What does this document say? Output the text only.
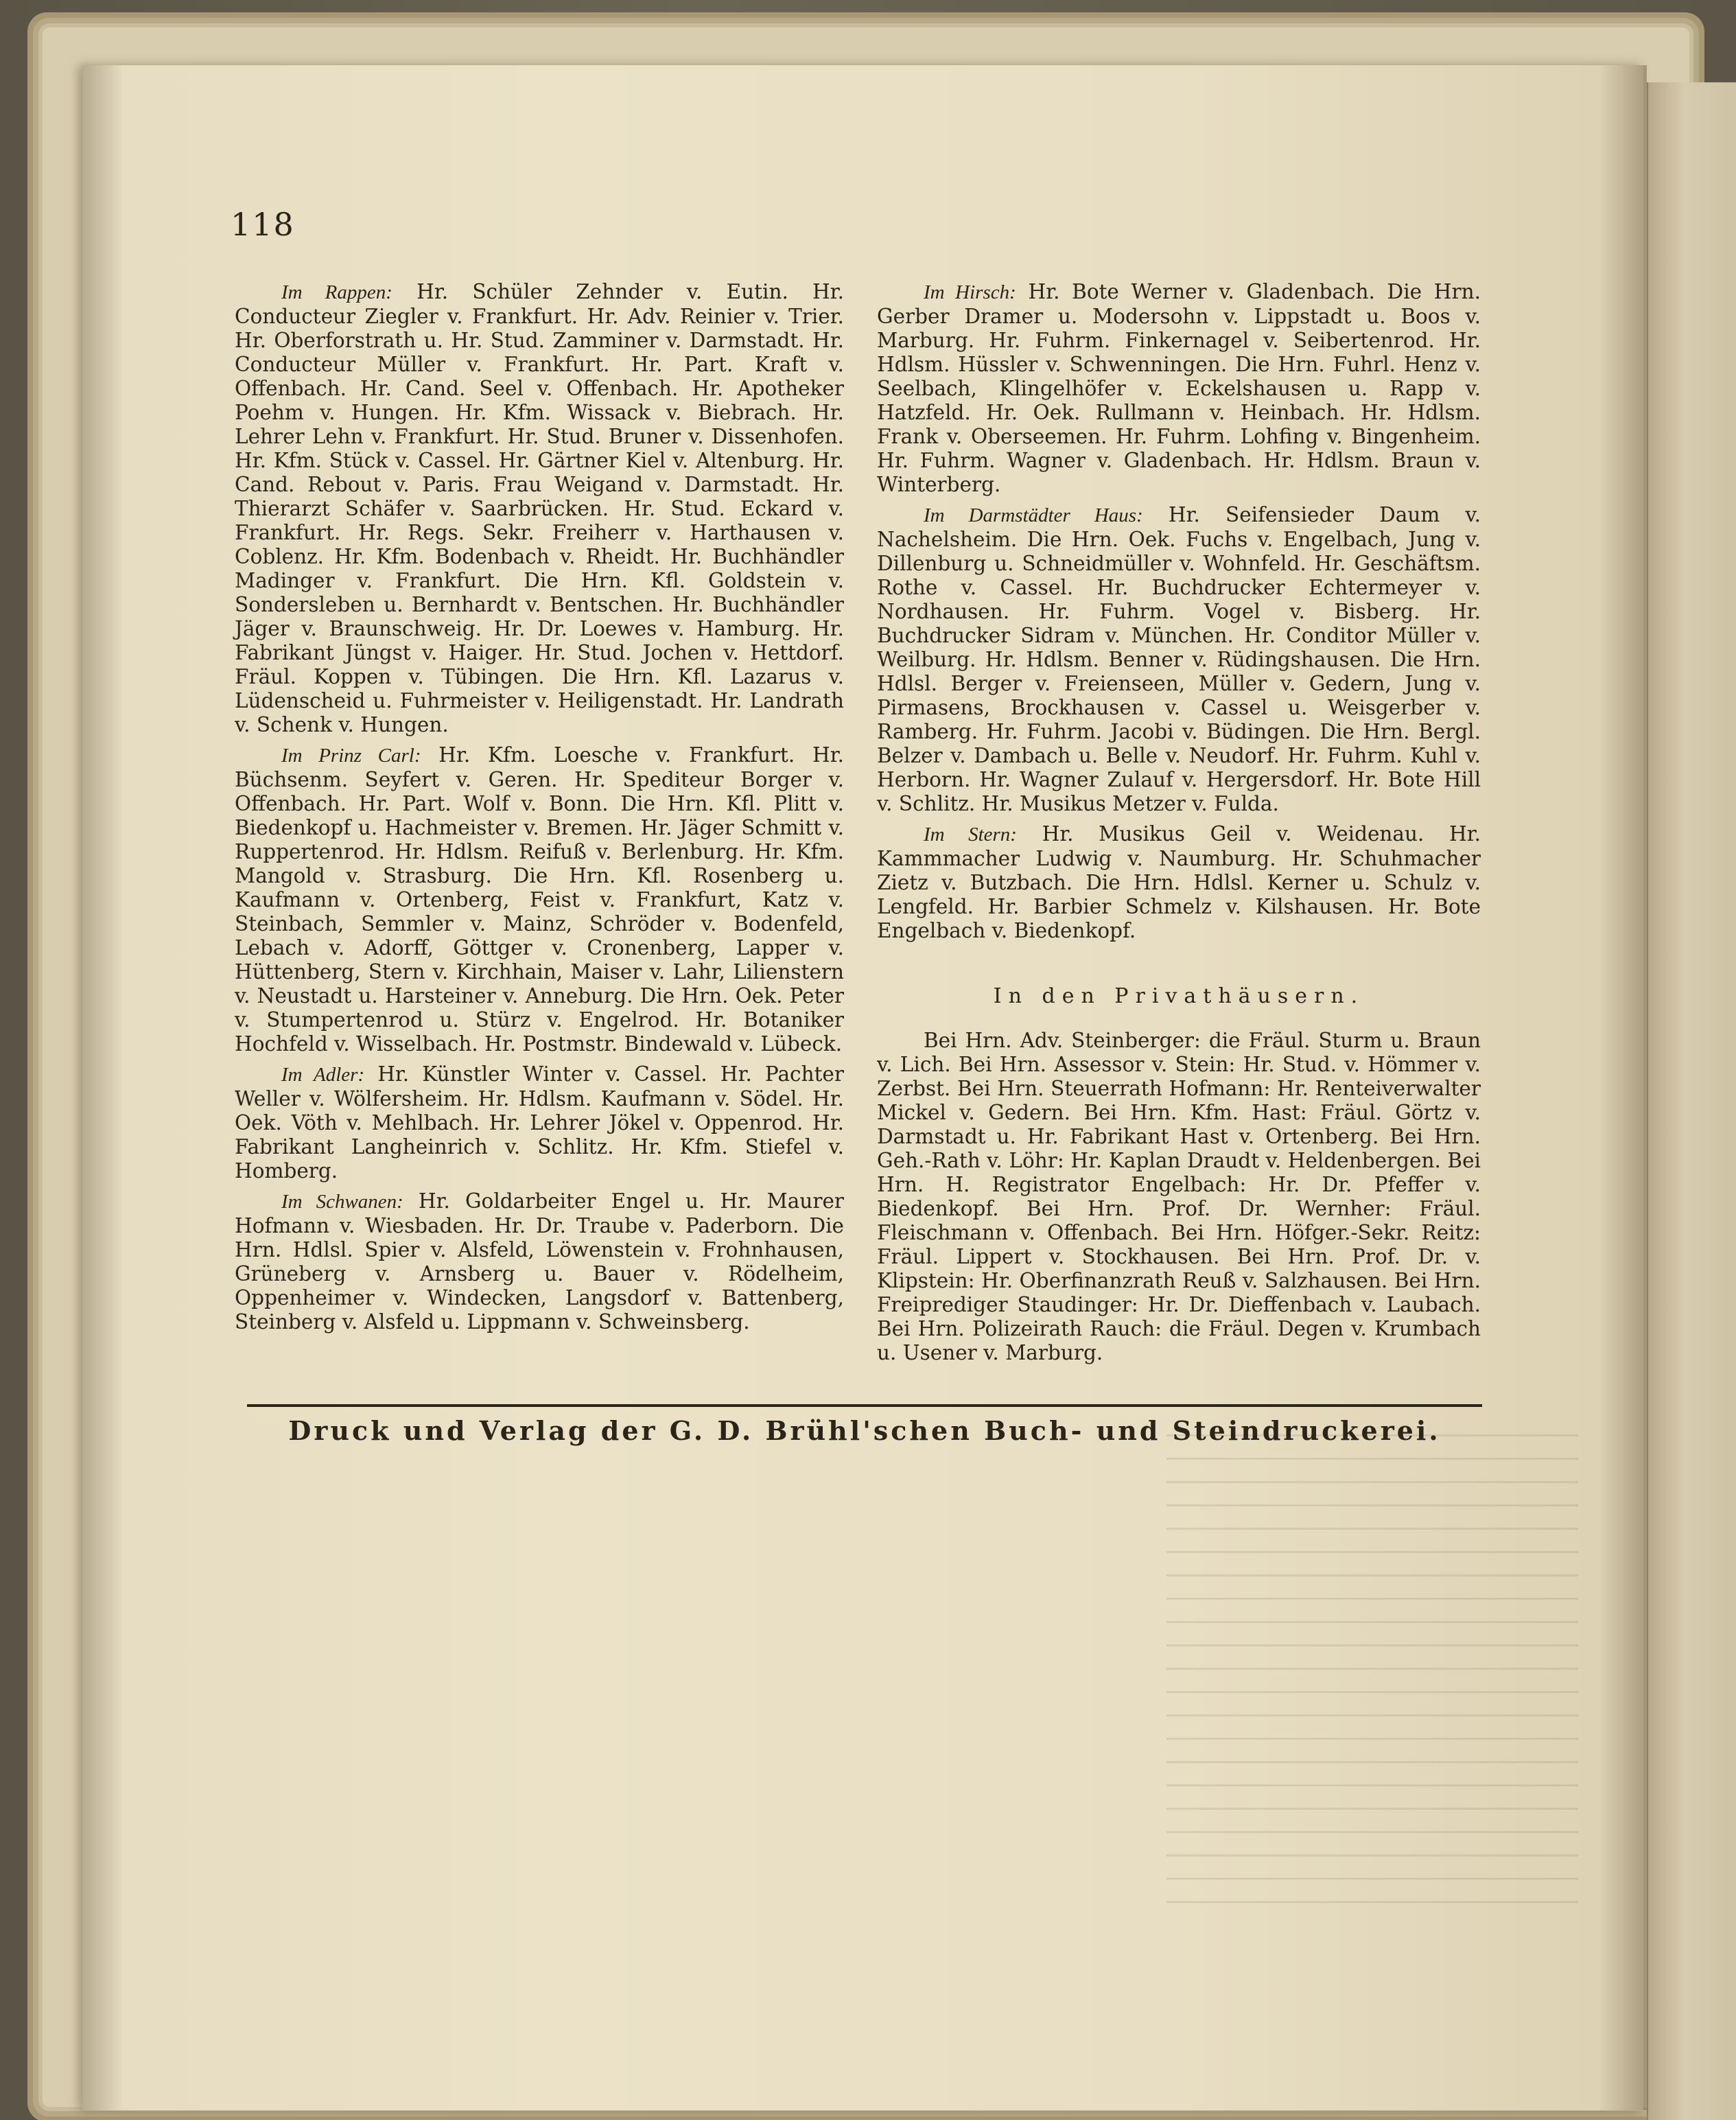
118

Im Rappen: Hr. Schüler Zehnder v. Eutin. Hr. Conducteur Ziegler v. Frankfurt. Hr. Adv. Reinier v. Trier. Hr. Oberforstrath u. Hr. Stud. Zamminer v. Darmstadt. Hr. Conducteur Müller v. Frankfurt. Hr. Part. Kraft v. Offenbach. Hr. Cand. Seel v. Offenbach. Hr. Apotheker Poehm v. Hungen. Hr. Kfm. Wissack v. Biebrach. Hr. Lehrer Lehn v. Frankfurt. Hr. Stud. Bruner v. Dissenhofen. Hr. Kfm. Stück v. Cassel. Hr. Gärtner Kiel v. Altenburg. Hr. Cand. Rebout v. Paris. Frau Weigand v. Darmstadt. Hr. Thierarzt Schäfer v. Saarbrücken. Hr. Stud. Eckard v. Frankfurt. Hr. Regs. Sekr. Freiherr v. Harthausen v. Coblenz. Hr. Kfm. Bodenbach v. Rheidt. Hr. Buchhändler Madinger v. Frankfurt. Die Hrn. Kfl. Goldstein v. Sondersleben u. Bernhardt v. Bentschen. Hr. Buchhändler Jäger v. Braunschweig. Hr. Dr. Loewes v. Hamburg. Hr. Fabrikant Jüngst v. Haiger. Hr. Stud. Jochen v. Hettdorf. Fräul. Koppen v. Tübingen. Die Hrn. Kfl. Lazarus v. Lüdenscheid u. Fuhrmeister v. Heiligenstadt. Hr. Landrath v. Schenk v. Hungen.

Im Prinz Carl: Hr. Kfm. Loesche v. Frankfurt. Hr. Büchsenm. Seyfert v. Geren. Hr. Spediteur Borger v. Offenbach. Hr. Part. Wolf v. Bonn. Die Hrn. Kfl. Plitt v. Biedenkopf u. Hachmeister v. Bremen. Hr. Jäger Schmitt v. Ruppertenrod. Hr. Hdlsm. Reifuß v. Berlenburg. Hr. Kfm. Mangold v. Strasburg. Die Hrn. Kfl. Rosenberg u. Kaufmann v. Ortenberg, Feist v. Frankfurt, Katz v. Steinbach, Semmler v. Mainz, Schröder v. Bodenfeld, Lebach v. Adorff, Göttger v. Cronenberg, Lapper v. Hüttenberg, Stern v. Kirchhain, Maiser v. Lahr, Lilienstern v. Neustadt u. Harsteiner v. Anneburg. Die Hrn. Oek. Peter v. Stumpertenrod u. Stürz v. Engelrod. Hr. Botaniker Hochfeld v. Wisselbach. Hr. Postmstr. Bindewald v. Lübeck.

Im Adler: Hr. Künstler Winter v. Cassel. Hr. Pachter Weller v. Wölfersheim. Hr. Hdlsm. Kaufmann v. Södel. Hr. Oek. Vöth v. Mehlbach. Hr. Lehrer Jökel v. Oppenrod. Hr. Fabrikant Langheinrich v. Schlitz. Hr. Kfm. Stiefel v. Homberg.

Im Schwanen: Hr. Goldarbeiter Engel u. Hr. Maurer Hofmann v. Wiesbaden. Hr. Dr. Traube v. Paderborn. Die Hrn. Hdlsl. Spier v. Alsfeld, Löwenstein v. Frohnhausen, Grüneberg v. Arnsberg u. Bauer v. Rödelheim, Oppenheimer v. Windecken, Langsdorf v. Battenberg, Steinberg v. Alsfeld u. Lippmann v. Schweinsberg.

Im Hirsch: Hr. Bote Werner v. Gladenbach. Die Hrn. Gerber Dramer u. Modersohn v. Lippstadt u. Boos v. Marburg. Hr. Fuhrm. Finkernagel v. Seibertenrod. Hr. Hdlsm. Hüssler v. Schwenningen. Die Hrn. Fuhrl. Henz v. Seelbach, Klingelhöfer v. Eckelshausen u. Rapp v. Hatzfeld. Hr. Oek. Rullmann v. Heinbach. Hr. Hdlsm. Frank v. Oberseemen. Hr. Fuhrm. Lohfing v. Bingenheim. Hr. Fuhrm. Wagner v. Gladenbach. Hr. Hdlsm. Braun v. Winterberg.

Im Darmstädter Haus: Hr. Seifensieder Daum v. Nachelsheim. Die Hrn. Oek. Fuchs v. Engelbach, Jung v. Dillenburg u. Schneidmüller v. Wohnfeld. Hr. Geschäftsm. Rothe v. Cassel. Hr. Buchdrucker Echtermeyer v. Nordhausen. Hr. Fuhrm. Vogel v. Bisberg. Hr. Buchdrucker Sidram v. München. Hr. Conditor Müller v. Weilburg. Hr. Hdlsm. Benner v. Rüdingshausen. Die Hrn. Hdlsl. Berger v. Freienseen, Müller v. Gedern, Jung v. Pirmasens, Brockhausen v. Cassel u. Weisgerber v. Ramberg. Hr. Fuhrm. Jacobi v. Büdingen. Die Hrn. Bergl. Belzer v. Dambach u. Belle v. Neudorf. Hr. Fuhrm. Kuhl v. Herborn. Hr. Wagner Zulauf v. Hergersdorf. Hr. Bote Hill v. Schlitz. Hr. Musikus Metzer v. Fulda.

Im Stern: Hr. Musikus Geil v. Weidenau. Hr. Kammmacher Ludwig v. Naumburg. Hr. Schuhmacher Zietz v. Butzbach. Die Hrn. Hdlsl. Kerner u. Schulz v. Lengfeld. Hr. Barbier Schmelz v. Kilshausen. Hr. Bote Engelbach v. Biedenkopf.

In den Privathäusern.

Bei Hrn. Adv. Steinberger: die Fräul. Sturm u. Braun v. Lich. Bei Hrn. Assessor v. Stein: Hr. Stud. v. Hömmer v. Zerbst. Bei Hrn. Steuerrath Hofmann: Hr. Renteiverwalter Mickel v. Gedern. Bei Hrn. Kfm. Hast: Fräul. Görtz v. Darmstadt u. Hr. Fabrikant Hast v. Ortenberg. Bei Hrn. Geh.-Rath v. Löhr: Hr. Kaplan Draudt v. Heldenbergen. Bei Hrn. H. Registrator Engelbach: Hr. Dr. Pfeffer v. Biedenkopf. Bei Hrn. Prof. Dr. Wernher: Fräul. Fleischmann v. Offenbach. Bei Hrn. Höfger.-Sekr. Reitz: Fräul. Lippert v. Stockhausen. Bei Hrn. Prof. Dr. v. Klipstein: Hr. Oberfinanzrath Reuß v. Salzhausen. Bei Hrn. Freiprediger Staudinger: Hr. Dr. Dieffenbach v. Laubach. Bei Hrn. Polizeirath Rauch: die Fräul. Degen v. Krumbach u. Usener v. Marburg.

Druck und Verlag der G. D. Brühl'schen Buch- und Steindruckerei.
